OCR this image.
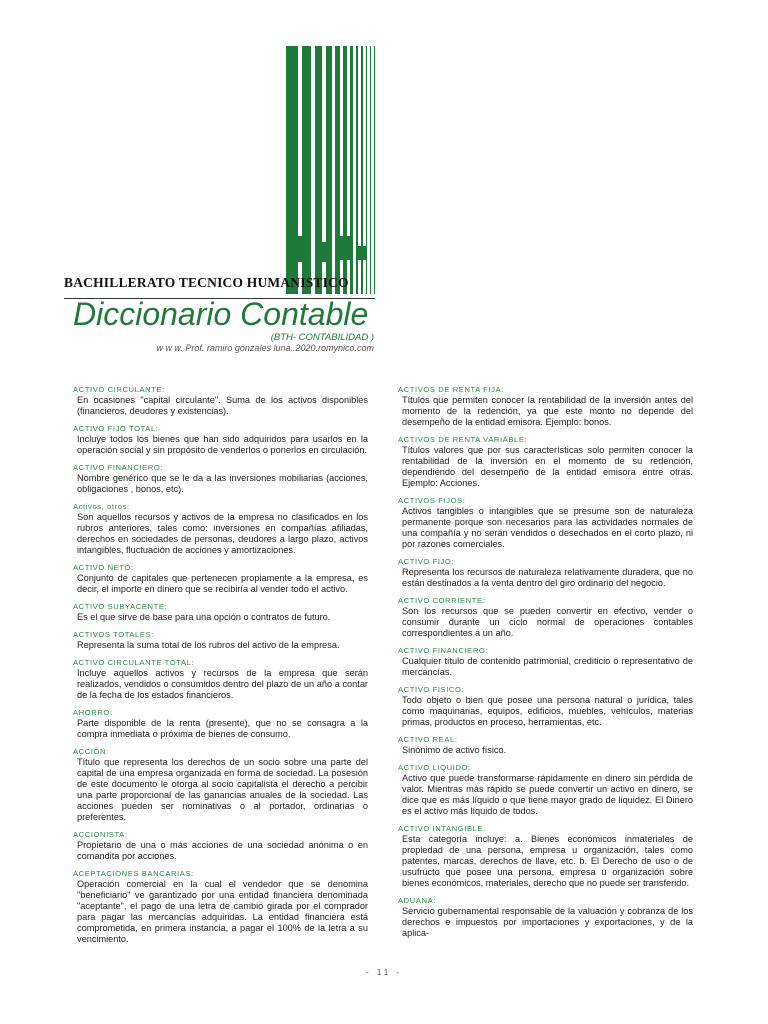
BACHILLERATO TECNICO HUMANISTICO
Diccionario Contable
(BTH- CONTABILIDAD )
w w w. Prof. ramiro gonzales luna..2020.romynico.com
ACTIVO CIRCULANTE:
En ocasiones "capital circulante". Suma de los activos disponibles (financieros, deudores y existencias).
ACTIVO FIJO TOTAL:
Incluye todos los bienes que han sido adquiridos para usarlos en la operación social y sin propósito de venderlos o ponerlos en circulación.
ACTIVO FINANCIERO:
Nombre genérico que se le da a las inversiones mobiliarias (acciones, obligaciones , bonos, etc).
Activos, otros:
Son aquellos recursos y activos de la empresa no clasificados en los rubros anteriores, tales como: inversiones en compañías afiliadas, derechos en sociedades de personas, deudores a largo plazo, activos intangibles, fluctuación de acciones y amortizaciones.
ACTIVO NETO:
Conjunto de capitales que pertenecen propiamente a la empresa, es decir, el importe en dinero que se recibiría al vender todo el activo.
ACTIVO SUBYACENTE:
Es el que sirve de base para una opción o contratos de futuro.
ACTIVOS TOTALES:
Representa la suma total de los rubros del activo de la empresa.
ACTIVO CIRCULANTE TOTAL:
Incluye aquellos activos y recursos de la empresa que serán realizados, vendidos o consumidos dentro del plazo de un año a contar de la fecha de los estados financieros.
AHORRO:
Parte disponible de la renta (presente), que no se consagra a la compra inmediata o próxima de bienes de consumo.
ACCIÓN:
Título que representa los derechos de un socio sobre una parte del capital de una empresa organizada en forma de sociedad. La posesión de este documento le otorga al socio capitalista el derecho a percibir una parte proporcional de las ganancias anuales de la sociedad. Las acciones pueden ser nominativas o al portador, ordinarias o preferentes.
ACCIONISTA:
Propietario de una o más acciones de una sociedad anónima o en comandita por acciones.
ACEPTACIONES BANCARIAS:
Operación comercial en la cual el vendedor que se denomina "beneficiario" ve garantizado por una entidad financiera denominada "aceptante", el pago de una letra de cambio girada por el comprador para pagar las mercancías adquiridas. La entidad financiera está comprometida, en primera instancia, a pagar el 100% de la letra a su vencimiento.
ACTIVOS DE RENTA FIJA:
Títulos que permiten conocer la rentabilidad de la inversión antes del momento de la redención, ya que este monto no depende del desempeño de la entidad emisora. Ejemplo: bonos.
ACTIVOS DE RENTA VARIABLE:
Títulos valores que por sus características solo permiten conocer la rentabilidad de la inversión en el momento de su redención, dependiendo del desempeño de la entidad emisora entre otras. Ejemplo: Acciones.
ACTIVOS FIJOS:
Activos tangibles o intangibles que se presume son de naturaleza permanente porque son necesarios para las actividades normales de una compañía y no serán vendidos o desechados en el corto plazo, ni por razones comerciales.
ACTIVO FIJO:
Representa los recursos de naturaleza relativamente duradera, que no están destinados a la venta dentro del giro ordinario del negocio.
ACTIVO CORRIENTE:
Son los recursos que se pueden convertir en efectivo, vender o consumir durante un ciclo normal de operaciones contables correspondientes a un año.
ACTIVO FINANCIERO:
Cualquier título de contenido patrimonial, crediticio o representativo de mercancías.
ACTIVO FISICO:
Todo objeto o bien que posee una persona natural o jurídica, tales como maquinarias, equipos, edificios, muebles, vehículos, materias primas, productos en proceso, herramientas, etc.
ACTIVO REAL:
Sinónimo de activo físico.
ACTIVO LIQUIDO:
Activo que puede transformarse rápidamente en dinero sin pérdida de valor. Mientras más rápido se puede convertir un activo en dinero, se dice que es más líquido o que tiene mayor grado de liquidez. El Dinero es el activo más líquido de todos.
ACTIVO INTANGIBLE:
Esta categoría incluye: a. Bienes económicos inmateriales de propiedad de una persona, empresa u organización, tales como patentes, marcas, derechos de llave, etc. b. El Derecho de uso o de usufructo que posee una persona, empresa u organización sobre bienes económicos, materiales, derecho que no puede ser transferido.
ADUANA:
Servicio gubernamental responsable de la valuación y cobranza de los derechos e impuestos por importaciones y exportaciones, y de la aplica-
- 11 -
